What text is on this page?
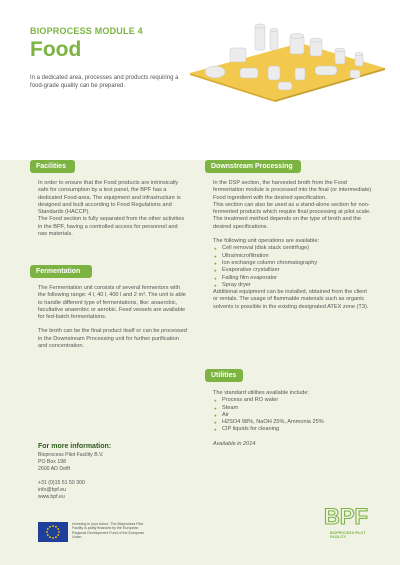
BIOPROCESS MODULE 4
Food
In a dedicated area, processes and products requiring a food-grade quality can be prepared.
Facilities

In order to ensure that the Food products are intrinsically safe for consumption by a test panel, the BPF has a dedicated Food-area. The equipment and infrastructure is designed and built according to Food Regulations and Standards (HACCP).

The Food section is fully separated from the other activities in the BPF, having a controlled access for personnel and raw materials.

Fermentation

The Fermentation unit consists of several fermentors with the following range: 4 l, 40 l, 400 l and 2 m³. The unit is able to handle different type of fermentations, like: anaerobic, facultative anaerobic or aerobic. Feed vessels are available for fed-batch fermentations.

The broth can be the final product itself or can be processed in the Downstream Processing unit for further purification and concentration.

Downstream Processing

In the DSP section, the harvested broth from the Food fermentation module is processed into the final (or intermediate) Food ingredient with the desired specification.

This section can also be used as a stand-alone section for non-fermented products which require final processing at pilot scale. The treatment method depends on the type of broth and the desired specifications.

The following unit operations are available:

● Cell removal (disk stack centrifuge)
● Ultra/microfiltration
● Ion exchange column chromatography
● Evaporative crystallizer
● Falling film evaporator
● Spray dryer

Additional equipment can be installed, obtained from the client or rentals. The usage of flammable materials such as organic solvents is possible in the existing designated ATEX zone (T3).

Utilities

The standard utilities available include:

● Process and RO water
● Steam
● Air
● H2SO4 98%, NaOH 25%, Ammonia 25%
● CIP liquids for cleaning

Available in 2014

For more information:
Bioprocess Pilot Facility B.V.
PO Box 198
2600 AD Delft
+31 (0)15 51 50 300
info@bpf.eu
www.bpf.eu
Investing in your future. The Bioprocess Pilot Facility is partly financed by the European Regional Development Fund of the European Union.
BPF
BIOPROCESS PILOT FACILITY
